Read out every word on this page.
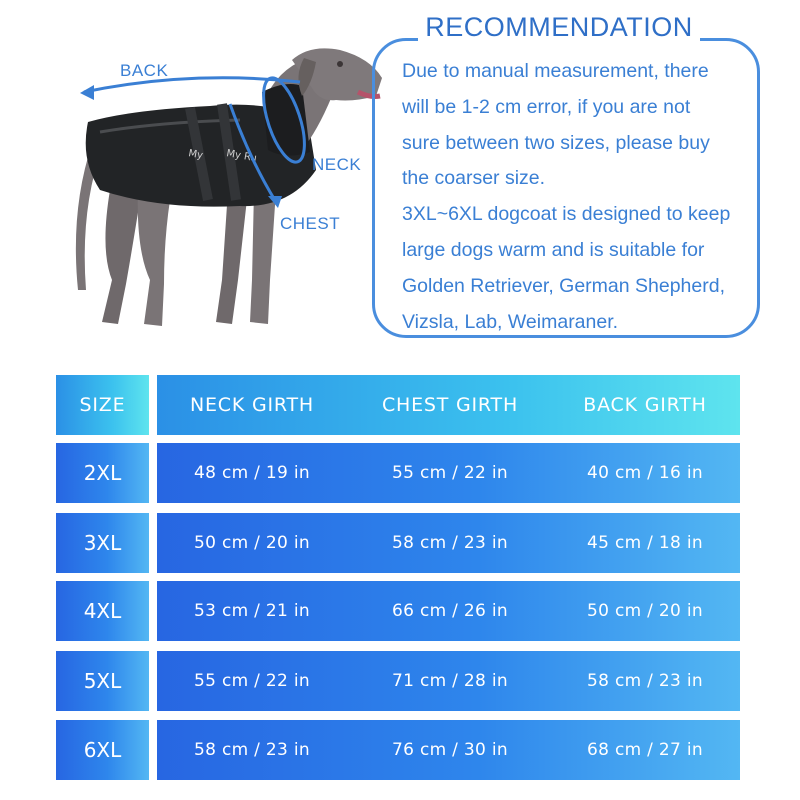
My My Ru
BACK
NECK
CHEST
RECOMMENDATION

Due to manual measurement, there

will be 1-2 cm error, if you are not

sure between two sizes, please buy

the coarser size.

3XL~6XL dogcoat is designed to keep

large dogs warm and is suitable for

Golden Retriever, German Shepherd,

Vizsla, Lab, Weimaraner.

SIZE	NECK GIRTH	CHEST GIRTH	BACK GIRTH
2XL	48 cm / 19 in	55 cm / 22 in	40 cm / 16 in
3XL	50 cm / 20 in	58 cm / 23 in	45 cm / 18 in
4XL	53 cm / 21 in	66 cm / 26 in	50 cm / 20 in
5XL	55 cm / 22 in	71 cm / 28 in	58 cm / 23 in
6XL	58 cm / 23 in	76 cm / 30 in	68 cm / 27 in
